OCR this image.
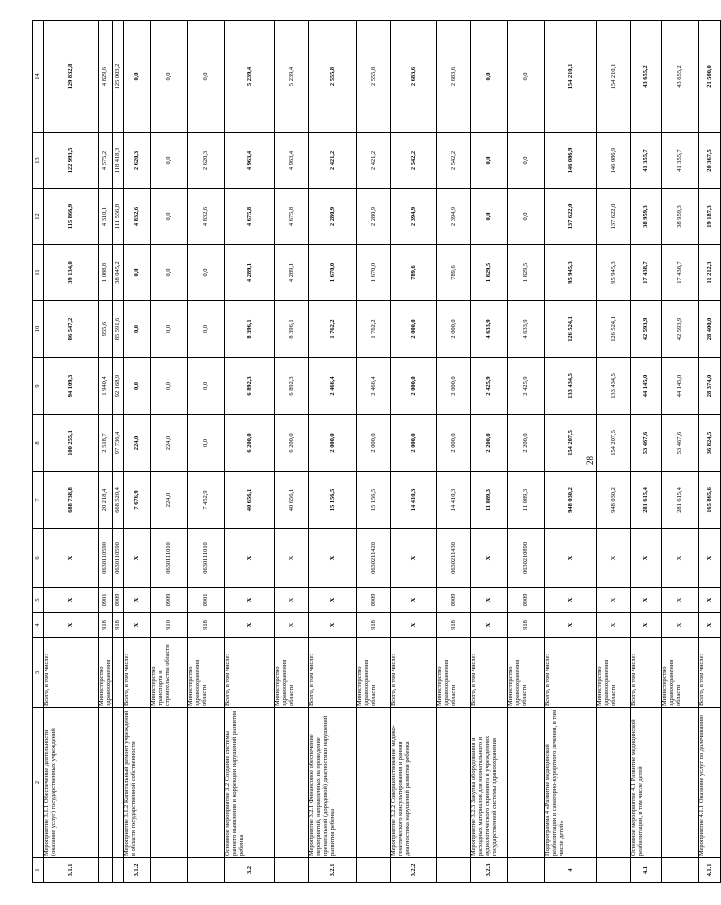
1	2	3	4	5	6	7	8	9	10	11	12	13	14
3.1.1	Мероприятие 3.1.1 Обеспечение деятельности (оказание услуг) государственных учреждений	Всего, в том числе:	X	X	X	688 738,8	100 255,1	94 109,3	86 547,2	39 134,0	115 866,9	122 993,5	129 832,8
		Министерство здравоохранения	918	0901	0630110590	20 218,4	2 518,7	1 940,4	955,6	1 088,8	4 310,1	4 575,2	4 829,6
			918	0909	0630110590	668 520,4	97 736,4	92 168,9	85 591,6	38 045,2	111 556,8	118 418,3	125 003,2
3.1.2	Мероприятие 3.1.2 Капитальный ремонт учреждений в области государственной собственности	Всего, в том числе:	X	X	X	7 676,9	224,0	0,0	0,0	0,0	4 832,6	2 620,3	0,0
		Министерство транспорта и строительства области	910	0909	0630111010	224,0	224,0	0,0	0,0	0,0	0,0	0,0	0,0
		Министерство здравоохранения области	918	0901	0630111010	7 452,9	0,0	0,0	0,0	0,0	4 832,6	2 620,3	0,0
3.2	Основное мероприятие 3.2 Создание системы раннего выявления и коррекции нарушений развития ребенка	Всего, в том числе:	X	X	X	40 656,1	6 200,0	6 892,3	8 396,1	4 289,1	4 675,8	4 963,4	5 239,4
		Министерство здравоохранения области	X	X	X	40 656,1	6 200,0	6 892,3	8 396,1	4 289,1	4 675,8	4 963,4	5 239,4
3.2.1	Мероприятие 3.2.1 Финансовое обеспечение мероприятий, направленных на проведение пренатальной (дородовой) диагностики нарушений развития ребенка	Всего, в том числе:	X	X	X	15 156,5	2 000,0	2 466,4	1 762,2	1 670,0	2 280,9	2 421,2	2 555,8
		Министерство здравоохранения области	918	0909	0630211420	15 156,5	2 000,0	2 466,4	1 762,2	1 670,0	2 280,9	2 421,2	2 555,8
3.2.2	Мероприятие 3.2.2 Совершенствование медико-генетического консультирования и ранняя диагностика нарушений развития ребенка	Всего, в том числе:	X	X	X	14 410,3	2 000,0	2 000,0	2 000,0	789,6	2 394,9	2 542,2	2 683,6
		Министерство здравоохранения области	918	0909	0630211430	14 410,3	2 000,0	2 000,0	2 000,0	789,6	2 394,9	2 542,2	2 683,6
3.2.3	Мероприятие 3.2.3 Закупка оборудования и расходных материалов для неонатального и аудиологического скрининга в учреждениях государственной системы здравоохранения	Всего, в том числе:	X	X	X	11 089,3	2 200,0	2 425,9	4 633,9	1 829,5	0,0	0,0	0,0
		Министерство здравоохранения области	918	0909	0630210890	11 089,3	2 200,0	2 425,9	4 633,9	1 829,5	0,0	0,0	0,0
4	Подпрограмма 4 «Развитие медицинской реабилитации и санаторно-курортного лечения, в том числе детей»	Всего, в том числе:	X	X	X	948 030,2	154 207,5	133 434,5	126 524,1	95 945,3	137 622,0	146 086,9	154 210,1
		Министерство здравоохранения области	X	X	X	948 030,2	154 207,5	133 434,5	126 524,1	95 945,3	137 622,0	146 086,9	154 210,1
4.1	Основное мероприятие 4.1 Развитие медицинской реабилитации, в том числе детей	Всего, в том числе:	X	X	X	281 615,4	53 467,6	44 145,0	42 593,9	17 438,7	38 959,3	41 355,7	43 655,2
		Министерство здравоохранения области	X	X	X	281 615,4	53 467,6	44 145,0	42 593,9	17 438,7	38 959,3	41 355,7	43 655,2
4.1.1	Мероприятие 4.1.1 Оказание услуг по долечиванию	Всего, в том числе:	X	X	X	165 865,6	36 824,5	28 374,0	28 400,0	11 212,3	19 187,3	20 367,5	21 500,0
28
